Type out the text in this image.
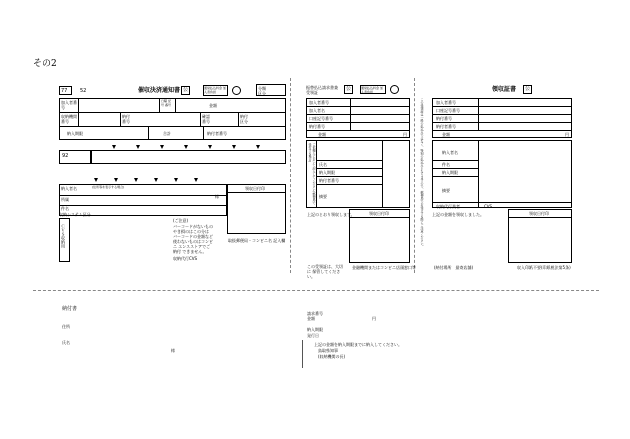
その2
77	52	催収決済通知書 公	通常払込料金 加入者負担
分類 区分
加入者番号
日曜 記号 番号	金額
収納機関番号
納付番号
確認番号
納付区分
納入期限	合計	納付者番号
92
納入者名	(住所等を表示する場合)
様
所属
件名
収納システム区分
領収日付印
ＣＶＳ収納用
(ご注意)
バーコードがないもの やき損のはこの分は バーコードの金額など 使わないものはコンビニ エンスストアでご納付 できません。
収納代行CVS
取扱郵便局・コンビニ名 記入欄
振替払込請求書兼受領証
公	通常払込料金 加入者負担
加入者番号
加入者名
口座記号番号
納付番号
金額	円
ご依頼人において記入してください(郵便局で受付する場合)
氏名
納入期限
納付者番号
摘要
上記のとおり領収します。	領収日付印
この受領証は、大切に 保管してください。
金融機関またはコンビニ店頭窓口等
領収証書	公
この受領証は一般の払込みではなく、特別の払込みとなりますので、郵便局でお受けする際にご注意ください。	加入者番号
口座記号番号
納付番号
納付者番号
金額	円
納入者名
件名
納入期限
摘要
収納代行業者	CVS
上記の金額を領収しました。	領収日付印
(納付場所　最寄店舗)	収入印紙不要(印紙税法第5条)
納付書
住所
氏名
様
請求番号
金額	円
納入期限
発行日
上記の金額を納入期限までに納入してください。
鳥取県知事
(収納機関の長)
